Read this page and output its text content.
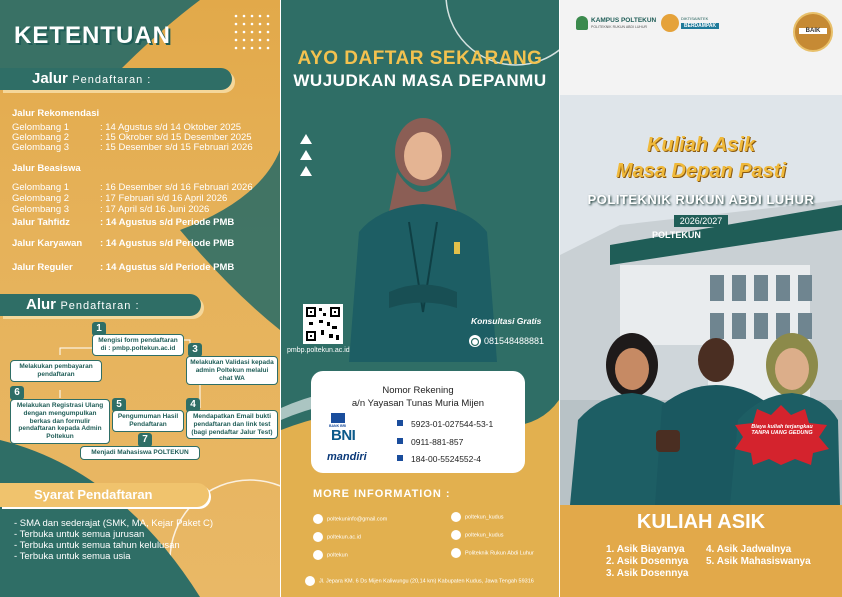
KETENTUAN
Jalur Pendaftaran :
Jalur Rekomendasi
Gelombang 1	: 14 Agustus s/d 14 Oktober 2025
Gelombang 2	: 15 Okrober s/d 15 Desember 2025
Gelombang 3	: 15 Desember s/d 15 Februari 2026
Jalur Beasiswa
Gelombang 1	: 16 Desember s/d 16 Februari 2026
Gelombang 2	: 17 Februari s/d 16 April 2026
Gelombang 3	: 17 April s/d 16 Juni 2026
Jalur Tahfidz	: 14 Agustus s/d Periode PMB
Jalur Karyawan : 14 Agustus s/d Periode PMB
Jalur Reguler	: 14 Agustus s/d Periode PMB
Alur Pendaftaran :
1
Mengisi form pendaftaran di : pmbp.poltekun.ac.id
Melakukan pembayaran pendaftaran
3
Melakukan Validasi kepada admin Poltekun melalui chat WA
6
Melakukan Registrasi Ulang dengan mengumpulkan berkas dan formulir pendaftaran kepada Admin Poltekun
5
Pengumuman Hasil Pendaftaran
4
Mendapatkan Email bukti pendaftaran dan link test (bagi pendaftar Jalur Test)
7
Menjadi Mahasiswa POLTEKUN
Syarat Pendaftaran
- SMA dan sederajat (SMK, MA, Kejar Paket C)
- Terbuka untuk semua jurusan
- Terbuka untuk semua tahun kelulusan
- Terbuka untuk semua usia
AYO DAFTAR SEKARANG
WUJUDKAN MASA DEPANMU
pmbp.poltekun.ac.id
Konsultasi Gratis
081548488881
Nomor Rekening
a/n Yayasan Tunas Muria Mijen
BANK BRI
BNI
mandiri
5923-01-027544-53-1
0911-881-857
184-00-5524552-4
MORE INFORMATION :
poltekuninfo@gmail.com
poltekun.ac.id
poltekun
poltekun_kudus
poltekun_kudus
Politeknik Rukun Abdi Luhur
Jl. Jepara KM. 6 Ds Mijen Kaliwungu (20,14 km) Kabupaten Kudus, Jawa Tengah 59316
KAMPUS POLTEKUN
POLITEKNIK RUKUN ABDI LUHUR
DIKTISAINTEK
BERDAMPAK
BAIK
POLTEKUN
Kuliah Asik
Masa Depan Pasti
POLITEKNIK RUKUN ABDI LUHUR
2026/2027
Biaya kuliah terjangkau TANPA UANG GEDUNG
KULIAH ASIK
1. Asik Biayanya
2. Asik Dosennya
3. Asik Dosennya
4. Asik Jadwalnya
5. Asik Mahasiswanya
